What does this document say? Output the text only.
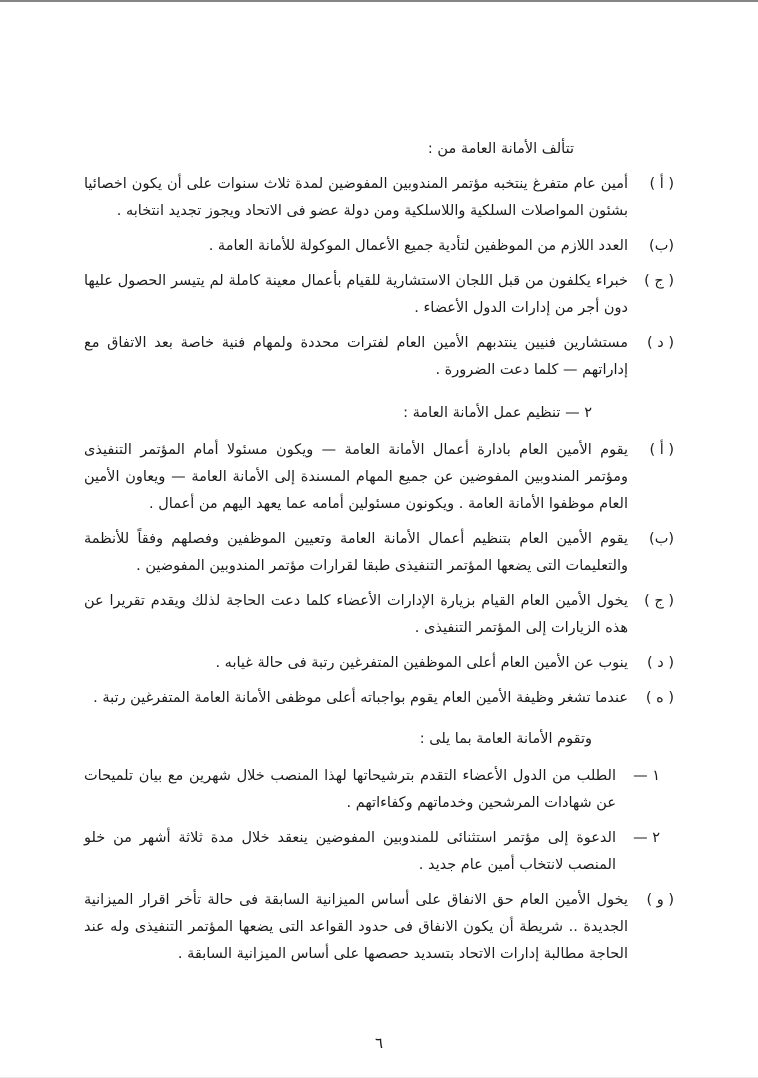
تتألف الأمانة العامة من :

( أ )
أمين عام متفرغ ينتخبه مؤتمر المندوبين المفوضين لمدة ثلاث سنوات على أن يكون اخصائيا بشئون المواصلات السلكية واللاسلكية ومن دولة عضو فى الاتحاد ويجوز تجديد انتخابه .
(ب)
العدد اللازم من الموظفين لتأدية جميع الأعمال الموكولة للأمانة العامة .
( ج )
خبراء يكلفون من قبل اللجان الاستشارية للقيام بأعمال معينة كاملة لم يتيسر الحصول عليها دون أجر من إدارات الدول الأعضاء .
( د )
مستشارين فنيين ينتدبهم الأمين العام لفترات محددة ولمهام فنية خاصة بعد الاتفاق مع إداراتهم — كلما دعت الضرورة .

٢ — تنظيم عمل الأمانة العامة :

( أ )
يقوم الأمين العام بادارة أعمال الأمانة العامة — ويكون مسئولا أمام المؤتمر التنفيذى ومؤتمر المندوبين المفوضين عن جميع المهام المسندة إلى الأمانة العامة — ويعاون الأمين العام موظفوا الأمانة العامة . ويكونون مسئولين أمامه عما يعهد اليهم من أعمال .
(ب)
يقوم الأمين العام بتنظيم أعمال الأمانة العامة وتعيين الموظفين وفصلهم وفقاً للأنظمة والتعليمات التى يضعها المؤتمر التنفيذى طبقا لقرارات مؤتمر المندوبين المفوضين .
( ج )
يخول الأمين العام القيام بزيارة الإدارات الأعضاء كلما دعت الحاجة لذلك ويقدم تقريرا عن هذه الزيارات إلى المؤتمر التنفيذى .
( د )
ينوب عن الأمين العام أعلى الموظفين المتفرغين رتبة فى حالة غيابه .
( ه )
عندما تشغر وظيفة الأمين العام يقوم بواجباته أعلى موظفى الأمانة العامة المتفرغين رتبة .

وتقوم الأمانة العامة بما يلى :

١ —
الطلب من الدول الأعضاء التقدم بترشيحاتها لهذا المنصب خلال شهرين مع بيان تلميحات عن شهادات المرشحين وخدماتهم وكفاءاتهم .
٢ —
الدعوة إلى مؤتمر استثنائى للمندوبين المفوضين ينعقد خلال مدة ثلاثة أشهر من خلو المنصب لانتخاب أمين عام جديد .
( و )
يخول الأمين العام حق الانفاق على أساس الميزانية السابقة فى حالة تأخر اقرار الميزانية الجديدة .. شريطة أن يكون الانفاق فى حدود القواعد التى يضعها المؤتمر التنفيذى وله عند الحاجة مطالبة إدارات الاتحاد بتسديد حصصها على أساس الميزانية السابقة .
٦
